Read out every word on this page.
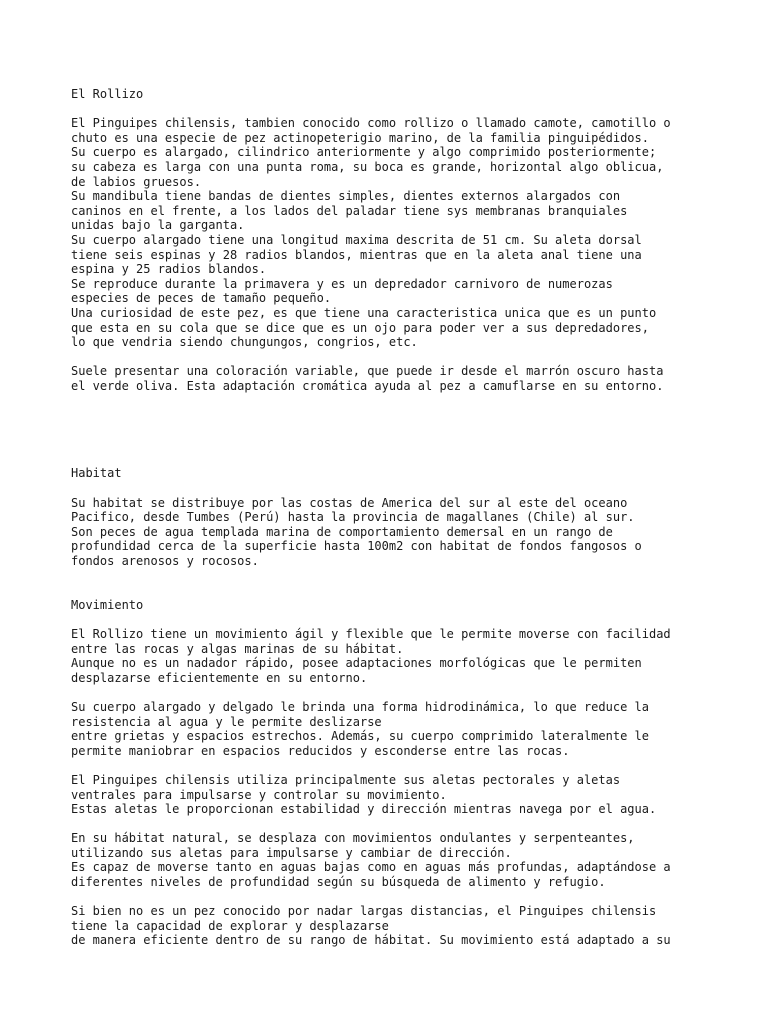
El Rollizo
El Pinguipes chilensis, tambien conocido como rollizo o llamado camote, camotillo o
chuto es una especie de pez actinopeterigio marino, de la familia pinguipédidos.
Su cuerpo es alargado, cilindrico anteriormente y algo comprimido posteriormente;
su cabeza es larga con una punta roma, su boca es grande, horizontal algo oblicua,
de labios gruesos.
Su mandibula tiene bandas de dientes simples, dientes externos alargados con
caninos en el frente, a los lados del paladar tiene sys membranas branquiales
unidas bajo la garganta.
Su cuerpo alargado tiene una longitud maxima descrita de 51 cm. Su aleta dorsal
tiene seis espinas y 28 radios blandos, mientras que en la aleta anal tiene una
espina y 25 radios blandos.
Se reproduce durante la primavera y es un depredador carnivoro de numerozas
especies de peces de tamaño pequeño.
Una curiosidad de este pez, es que tiene una caracteristica unica que es un punto
que esta en su cola que se dice que es un ojo para poder ver a sus depredadores,
lo que vendria siendo chungungos, congrios, etc.
Suele presentar una coloración variable, que puede ir desde el marrón oscuro hasta
el verde oliva. Esta adaptación cromática ayuda al pez a camuflarse en su entorno.
Habitat
Su habitat se distribuye por las costas de America del sur al este del oceano
Pacifico, desde Tumbes (Perú) hasta la provincia de magallanes (Chile) al sur.
Son peces de agua templada marina de comportamiento demersal en un rango de
profundidad cerca de la superficie hasta 100m2 con habitat de fondos fangosos o
fondos arenosos y rocosos.
Movimiento
El Rollizo tiene un movimiento ágil y flexible que le permite moverse con facilidad
entre las rocas y algas marinas de su hábitat.
Aunque no es un nadador rápido, posee adaptaciones morfológicas que le permiten
desplazarse eficientemente en su entorno.
Su cuerpo alargado y delgado le brinda una forma hidrodinámica, lo que reduce la
resistencia al agua y le permite deslizarse
entre grietas y espacios estrechos. Además, su cuerpo comprimido lateralmente le
permite maniobrar en espacios reducidos y esconderse entre las rocas.
El Pinguipes chilensis utiliza principalmente sus aletas pectorales y aletas
ventrales para impulsarse y controlar su movimiento.
Estas aletas le proporcionan estabilidad y dirección mientras navega por el agua.
En su hábitat natural, se desplaza con movimientos ondulantes y serpenteantes,
utilizando sus aletas para impulsarse y cambiar de dirección.
Es capaz de moverse tanto en aguas bajas como en aguas más profundas, adaptándose a
diferentes niveles de profundidad según su búsqueda de alimento y refugio.
Si bien no es un pez conocido por nadar largas distancias, el Pinguipes chilensis
tiene la capacidad de explorar y desplazarse
de manera eficiente dentro de su rango de hábitat. Su movimiento está adaptado a su
